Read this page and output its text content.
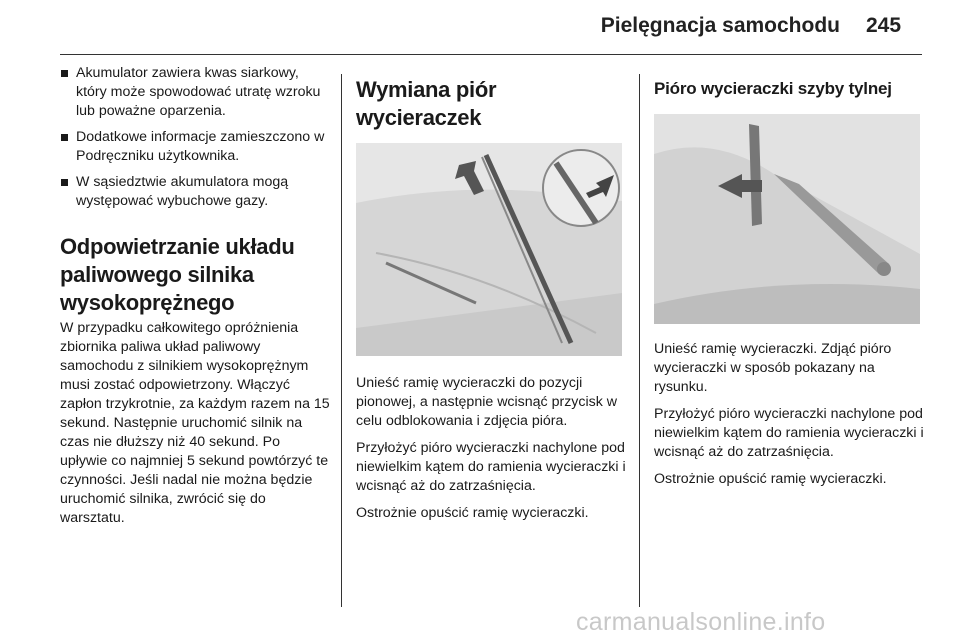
Pielęgnacja samochodu 245
Akumulator zawiera kwas siarkowy, który może spowodować utratę wzroku lub poważne oparzenia.
Dodatkowe informacje zamieszczono w Podręczniku użytkownika.
W sąsiedztwie akumulatora mogą występować wybuchowe gazy.
Odpowietrzanie układu paliwowego silnika wysokoprężnego

W przypadku całkowitego opróżnienia zbiornika paliwa układ paliwowy samochodu z silnikiem wysokoprężnym musi zostać odpowietrzony. Włączyć zapłon trzykrotnie, za każdym razem na 15 sekund. Następnie uruchomić silnik na czas nie dłuższy niż 40 sekund. Po upływie co najmniej 5 sekund powtórzyć te czynności. Jeśli nadal nie można będzie uruchomić silnika, zwrócić się do warsztatu.

Wymiana piór wycieraczek

Unieść ramię wycieraczki do pozycji pionowej, a następnie wcisnąć przycisk w celu odblokowania i zdjęcia pióra.

Przyłożyć pióro wycieraczki nachylone pod niewielkim kątem do ramienia wycieraczki i wcisnąć aż do zatrzaśnięcia.

Ostrożnie opuścić ramię wycieraczki.

Pióro wycieraczki szyby tylnej

Unieść ramię wycieraczki. Zdjąć pióro wycieraczki w sposób pokazany na rysunku.

Przyłożyć pióro wycieraczki nachylone pod niewielkim kątem do ramienia wycieraczki i wcisnąć aż do zatrzaśnięcia.

Ostrożnie opuścić ramię wycieraczki.

carmanualsonline.info
